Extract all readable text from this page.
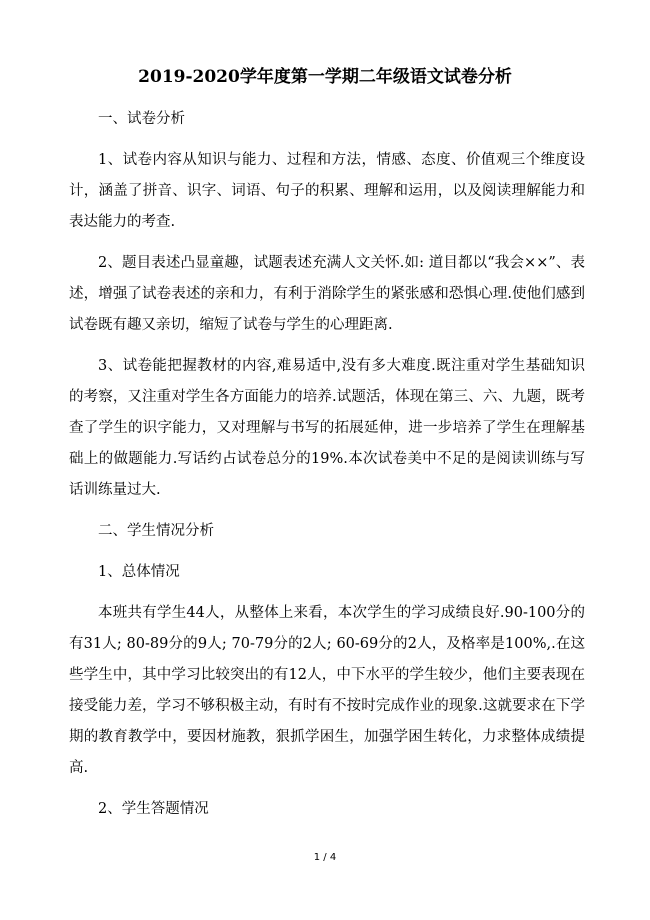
2019-2020学年度第一学期二年级语文试卷分析

一、试卷分析

1、试卷内容从知识与能力、过程和方法，情感、态度、价值观三个维度设计，涵盖了拼音、识字、词语、句子的积累、理解和运用，以及阅读理解能力和表达能力的考查.

2、题目表述凸显童趣，试题表述充满人文关怀.如: 道目都以“我会××”、表述，增强了试卷表述的亲和力，有利于消除学生的紧张感和恐惧心理.使他们感到试卷既有趣又亲切，缩短了试卷与学生的心理距离.

3、试卷能把握教材的内容,难易适中,没有多大难度.既注重对学生基础知识的考察，又注重对学生各方面能力的培养.试题活，体现在第三、六、九题，既考查了学生的识字能力，又对理解与书写的拓展延伸，进一步培养了学生在理解基础上的做题能力.写话约占试卷总分的19%.本次试卷美中不足的是阅读训练与写话训练量过大.

二、学生情况分析

1、总体情况

本班共有学生44人，从整体上来看，本次学生的学习成绩良好.90-100分的有31人; 80-89分的9人; 70-79分的2人; 60-69分的2人，及格率是100%,.在这些学生中，其中学习比较突出的有12人，中下水平的学生较少，他们主要表现在接受能力差，学习不够积极主动，有时有不按时完成作业的现象.这就要求在下学期的教育教学中，要因材施教，狠抓学困生，加强学困生转化，力求整体成绩提高.

2、学生答题情况

1 / 4
